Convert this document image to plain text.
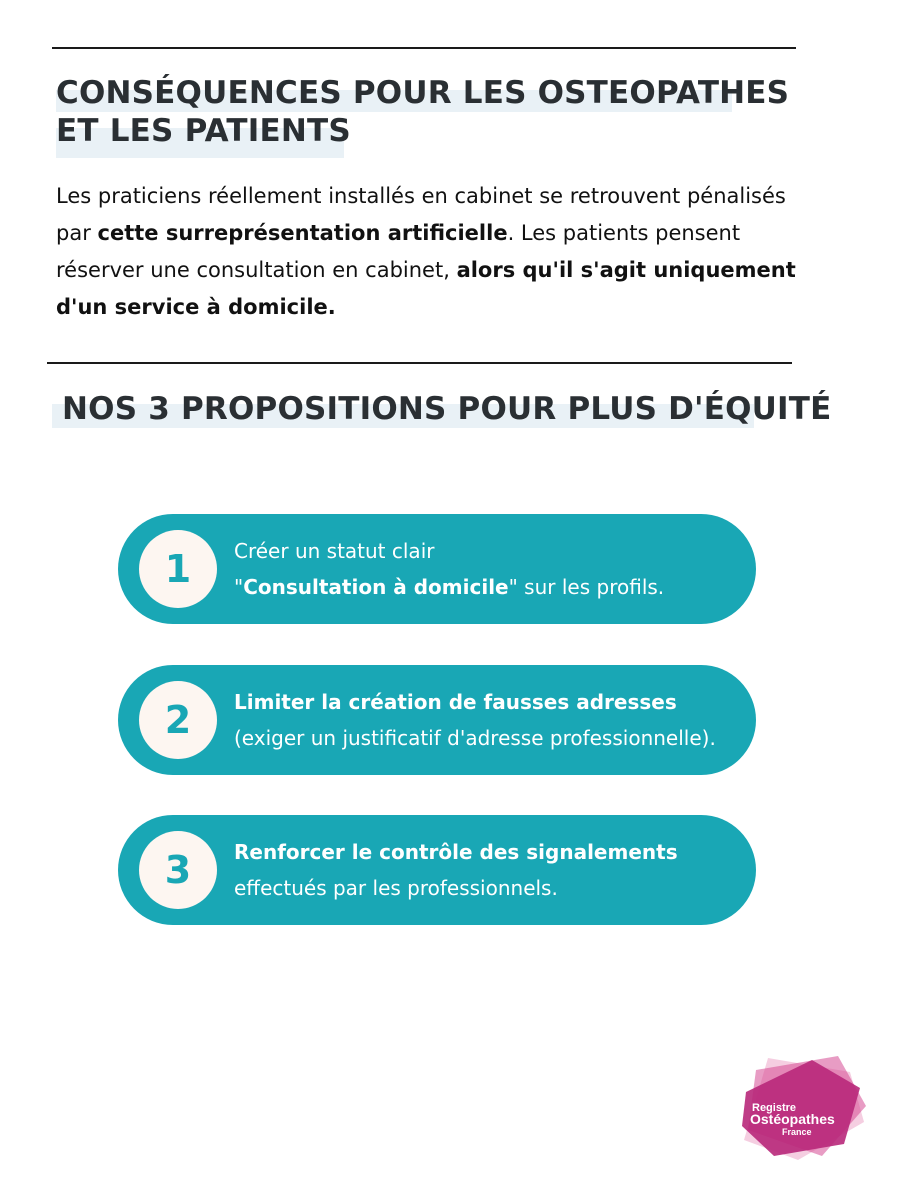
CONSÉQUENCES POUR LES OSTEOPATHES
ET LES PATIENTS

Les praticiens réellement installés en cabinet se retrouvent pénalisés par cette surreprésentation artificielle. Les patients pensent réserver une consultation en cabinet, alors qu'il s'agit uniquement d'un service à domicile.

NOS 3 PROPOSITIONS POUR PLUS D'ÉQUITÉ
1	Créer un statut clair
"Consultation à domicile" sur les profils.
2	Limiter la création de fausses adresses
(exiger un justificatif d'adresse professionnelle).
3	Renforcer le contrôle des signalements
effectués par les professionnels.
Registre
Ostéopathes
France
